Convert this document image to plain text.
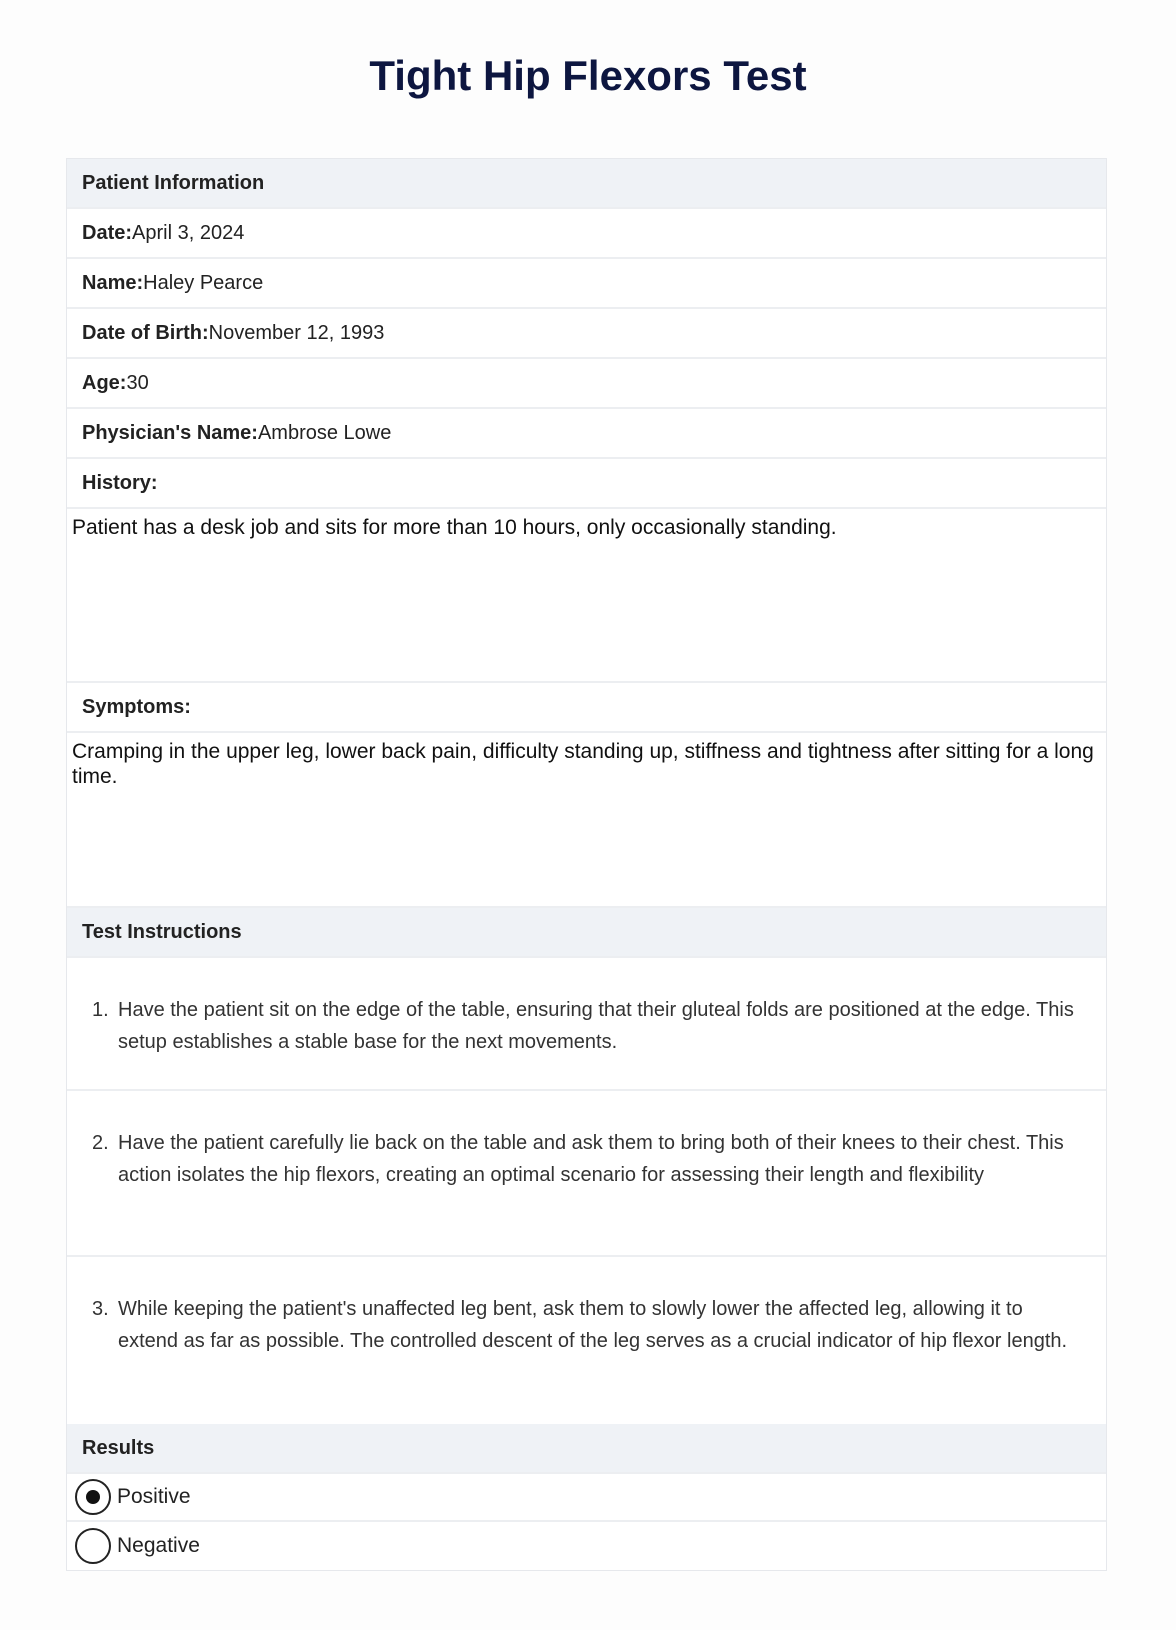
Tight Hip Flexors Test
Patient Information
Date: April 3, 2024
Name: Haley Pearce
Date of Birth: November 12, 1993
Age: 30
Physician's Name: Ambrose Lowe
History:
Patient has a desk job and sits for more than 10 hours, only occasionally standing.
Symptoms:
Cramping in the upper leg, lower back pain, difficulty standing up, stiffness and tightness after sitting for a long time.
Test Instructions
1. Have the patient sit on the edge of the table, ensuring that their gluteal folds are positioned at the edge. This setup establishes a stable base for the next movements.
2. Have the patient carefully lie back on the table and ask them to bring both of their knees to their chest. This action isolates the hip flexors, creating an optimal scenario for assessing their length and flexibility
3. While keeping the patient's unaffected leg bent, ask them to slowly lower the affected leg, allowing it to extend as far as possible. The controlled descent of the leg serves as a crucial indicator of hip flexor length.
Results
Positive
Negative
